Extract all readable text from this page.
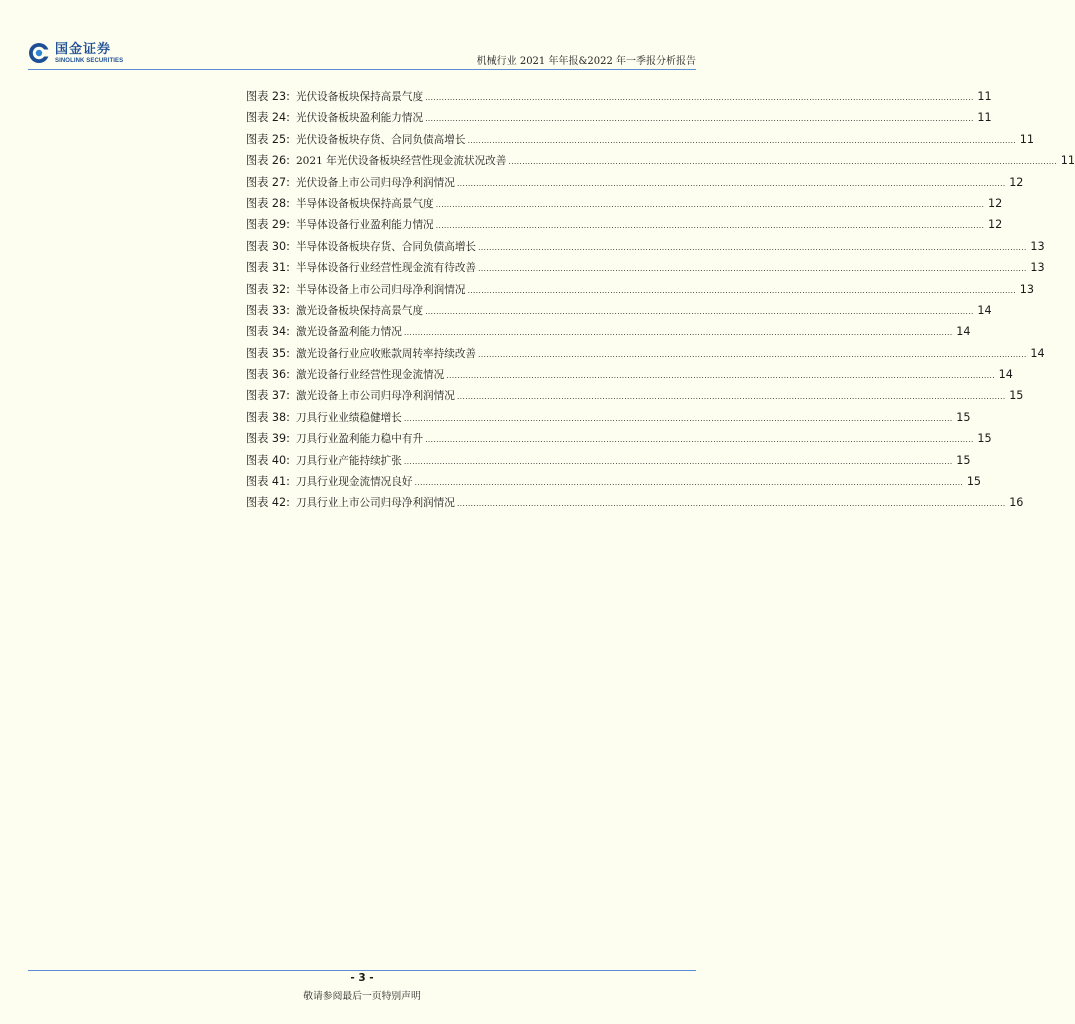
国金证券
SINOLINK SECURITIES	机械行业 2021 年年报&2022 年一季报分析报告
图表 23: 光伏设备板块保持高景气度 ........................................................................................................................................................................................................ 11
图表 24: 光伏设备板块盈利能力情况 ........................................................................................................................................................................................................ 11
图表 25: 光伏设备板块存货、合同负债高增长 ........................................................................................................................................................................................................ 11
图表 26: 2021 年光伏设备板块经营性现金流状况改善 ........................................................................................................................................................................................................ 11
图表 27: 光伏设备上市公司归母净利润情况 ........................................................................................................................................................................................................ 12
图表 28: 半导体设备板块保持高景气度 ........................................................................................................................................................................................................ 12
图表 29: 半导体设备行业盈利能力情况 ........................................................................................................................................................................................................ 12
图表 30: 半导体设备板块存货、合同负债高增长 ........................................................................................................................................................................................................ 13
图表 31: 半导体设备行业经营性现金流有待改善 ........................................................................................................................................................................................................ 13
图表 32: 半导体设备上市公司归母净利润情况 ........................................................................................................................................................................................................ 13
图表 33: 激光设备板块保持高景气度 ........................................................................................................................................................................................................ 14
图表 34: 激光设备盈利能力情况 ........................................................................................................................................................................................................ 14
图表 35: 激光设备行业应收账款周转率持续改善 ........................................................................................................................................................................................................ 14
图表 36: 激光设备行业经营性现金流情况 ........................................................................................................................................................................................................ 14
图表 37: 激光设备上市公司归母净利润情况 ........................................................................................................................................................................................................ 15
图表 38: 刀具行业业绩稳健增长 ........................................................................................................................................................................................................ 15
图表 39: 刀具行业盈利能力稳中有升 ........................................................................................................................................................................................................ 15
图表 40: 刀具行业产能持续扩张 ........................................................................................................................................................................................................ 15
图表 41: 刀具行业现金流情况良好 ........................................................................................................................................................................................................ 15
图表 42: 刀具行业上市公司归母净利润情况 ........................................................................................................................................................................................................ 16
- 3 -
敬请参阅最后一页特别声明
